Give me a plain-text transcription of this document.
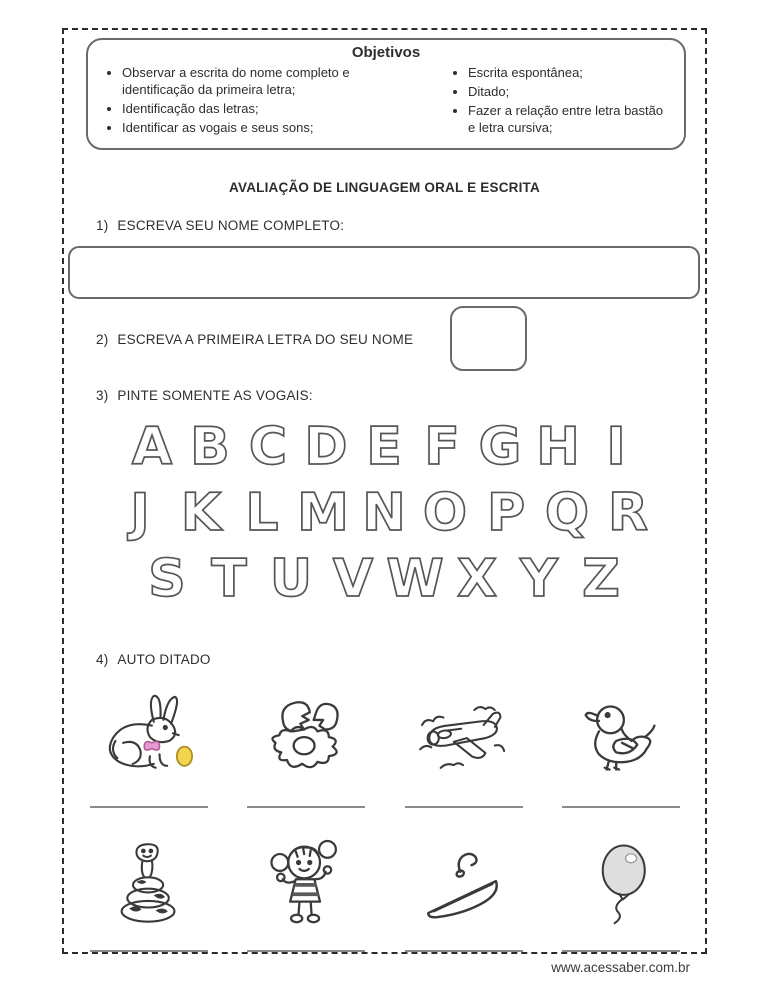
Objetivos
• Observar a escrita do nome completo e identificação da primeira letra;
• Identificação das letras;
• Identificar as vogais e seus sons;
• Escrita espontânea;
• Ditado;
• Fazer a relação entre letra bastão e letra cursiva;
AVALIAÇÃO DE LINGUAGEM ORAL E ESCRITA
1) ESCREVA SEU NOME COMPLETO:
2) ESCREVA A PRIMEIRA LETRA DO SEU NOME
3) PINTE SOMENTE AS VOGAIS:
A B C D E F G H I
J K L M N O P Q R
S T U V W X Y Z
4) AUTO DITADO
www.acessaber.com.br
